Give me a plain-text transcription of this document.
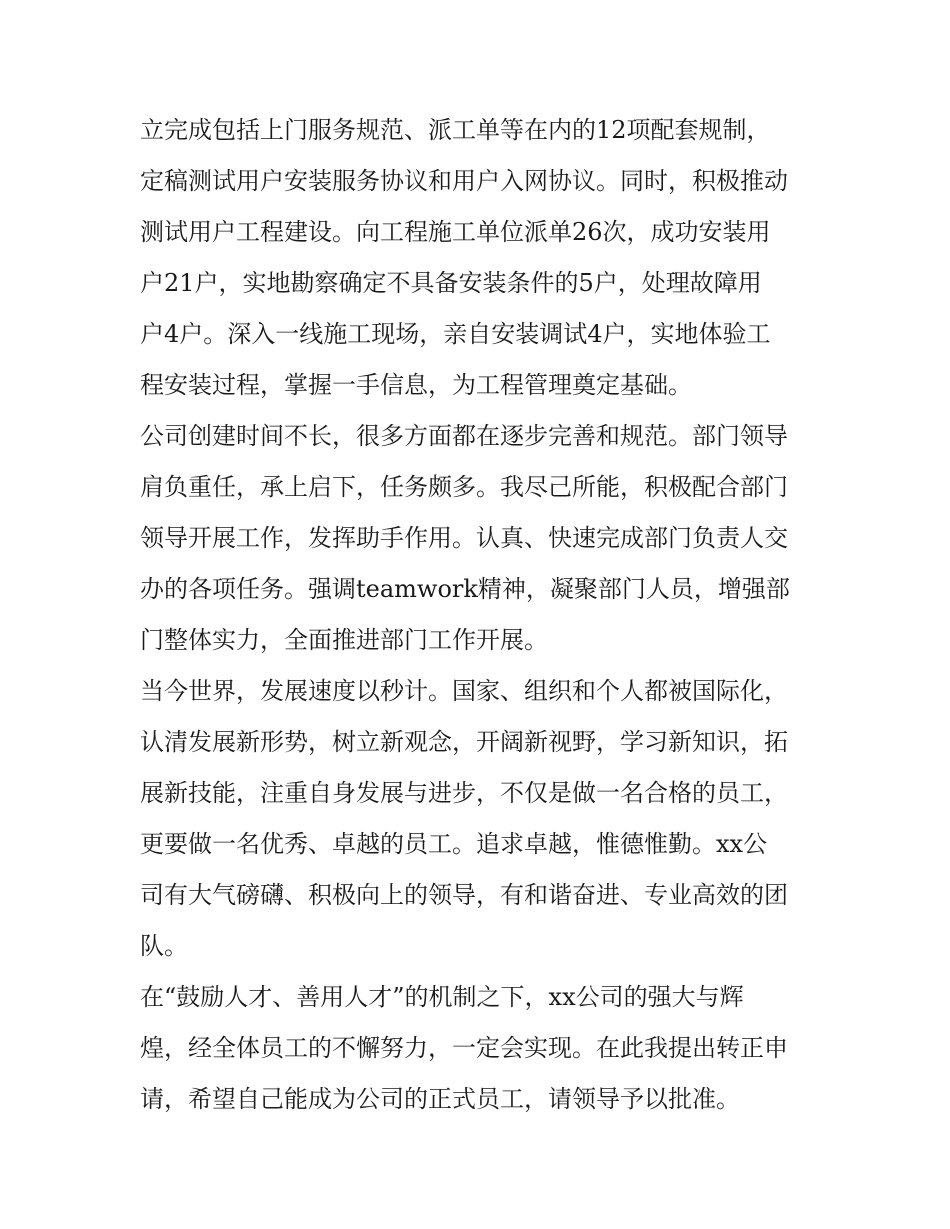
立完成包括上门服务规范、派工单等在内的12项配套规制，
定稿测试用户安装服务协议和用户入网协议。同时，积极推动
测试用户工程建设。向工程施工单位派单26次，成功安装用
户21户，实地勘察确定不具备安装条件的5户，处理故障用
户4户。深入一线施工现场，亲自安装调试4户，实地体验工
程安装过程，掌握一手信息，为工程管理奠定基础。
公司创建时间不长，很多方面都在逐步完善和规范。部门领导
肩负重任，承上启下，任务颇多。我尽己所能，积极配合部门
领导开展工作，发挥助手作用。认真、快速完成部门负责人交
办的各项任务。强调teamwork精神，凝聚部门人员，增强部
门整体实力，全面推进部门工作开展。
当今世界，发展速度以秒计。国家、组织和个人都被国际化，
认清发展新形势，树立新观念，开阔新视野，学习新知识，拓
展新技能，注重自身发展与进步，不仅是做一名合格的员工，
更要做一名优秀、卓越的员工。追求卓越，惟德惟勤。xx公
司有大气磅礴、积极向上的领导，有和谐奋进、专业高效的团
队。
在“鼓励人才、善用人才”的机制之下，xx公司的强大与辉
煌，经全体员工的不懈努力，一定会实现。在此我提出转正申
请，希望自己能成为公司的正式员工，请领导予以批准。
